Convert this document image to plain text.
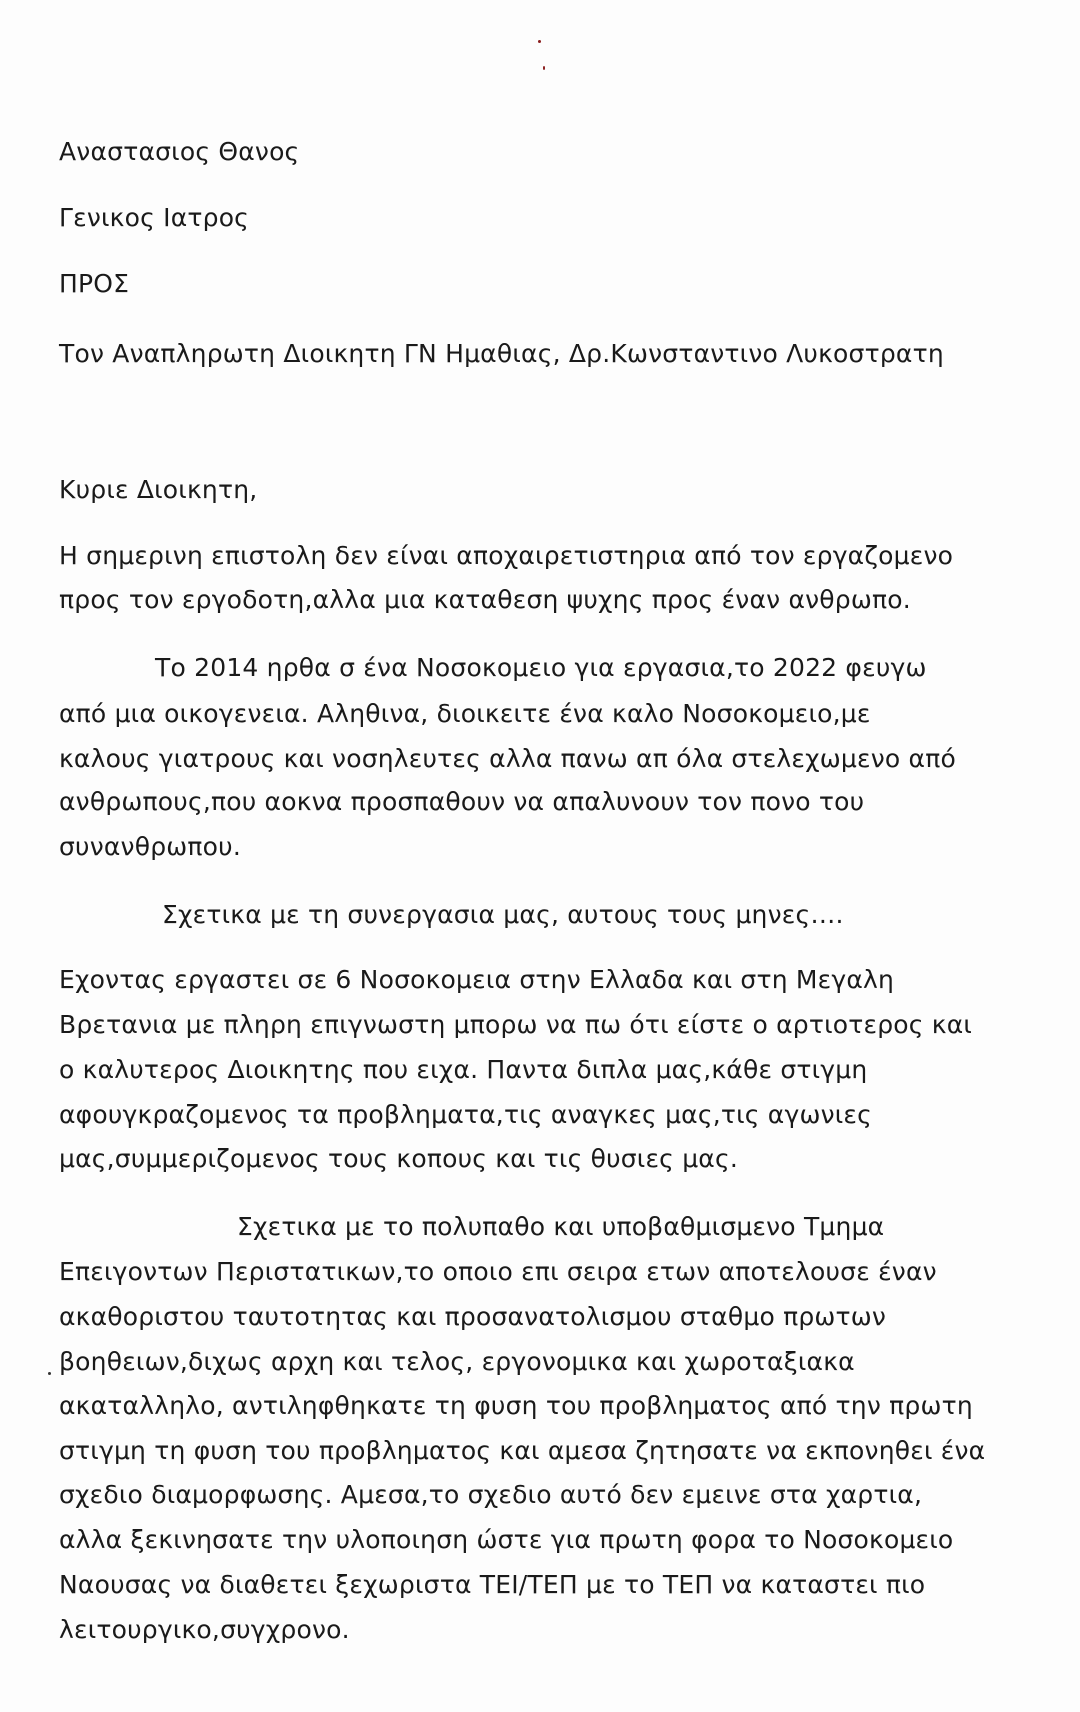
Αναστασιος Θανος
Γενικος Ιατρος
ΠΡΟΣ
Τον Αναπληρωτη Διοικητη ΓΝ Ημαθιας, Δρ.Κωνσταντινο Λυκοστρατη
Κυριε Διοικητη,
Η σημερινη επιστολη δεν είναι αποχαιρετιστηρια από τον εργαζομενο
προς τον εργοδοτη,αλλα μια καταθεση ψυχης προς έναν ανθρωπο.
Το 2014 ηρθα σ ένα Νοσοκομειο για εργασια,το 2022 φευγω
από μια οικογενεια. Αληθινα, διοικειτε ένα καλο Νοσοκομειο,με
καλους γιατρους και νοσηλευτες αλλα πανω απ όλα στελεχωμενο από
ανθρωπους,που αοκνα προσπαθουν να απαλυνουν τον πονο του
συνανθρωπου.
Σχετικα με τη συνεργασια μας, αυτους τους μηνες….
Εχοντας εργαστει σε 6 Νοσοκομεια στην Ελλαδα και στη Μεγαλη
Βρετανια με πληρη επιγνωστη μπορω να πω ότι είστε ο αρτιοτερος και
ο καλυτερος Διοικητης που ειχα. Παντα διπλα μας,κάθε στιγμη
αφουγκραζομενος τα προβληματα,τις αναγκες μας,τις αγωνιες
μας,συμμεριζομενος τους κοπους και τις θυσιες μας.
Σχετικα με το πολυπαθο και υποβαθμισμενο Τμημα
Επειγοντων Περιστατικων,το οποιο επι σειρα ετων αποτελουσε έναν
ακαθοριστου ταυτοτητας και προσανατολισμου σταθμο πρωτων
βοηθειων,διχως αρχη και τελος, εργονομικα και χωροταξιακα
ακαταλληλο, αντιληφθηκατε τη φυση του προβληματος από την πρωτη
στιγμη τη φυση του προβληματος και αμεσα ζητησατε να εκπονηθει ένα
σχεδιο διαμορφωσης. Αμεσα,το σχεδιο αυτό δεν εμεινε στα χαρτια,
αλλα ξεκινησατε την υλοποιηση ώστε για πρωτη φορα το Νοσοκομειο
Ναουσας να διαθετει ξεχωριστα ΤΕΙ/ΤΕΠ με το ΤΕΠ να καταστει πιο
λειτουργικο,συγχρονο.
